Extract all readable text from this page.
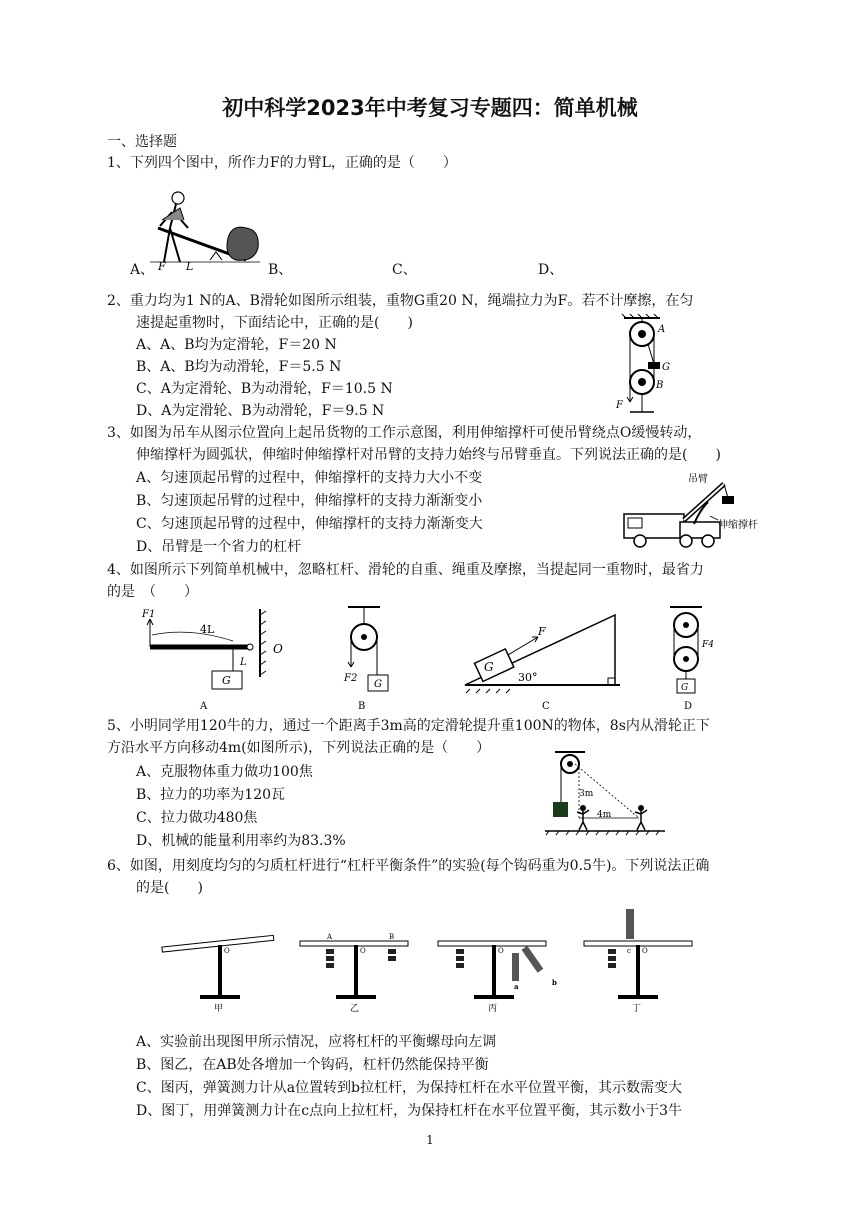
初中科学2023年中考复习专题四：简单机械
一、选择题
1、下列四个图中，所作力F的力臂L，正确的是（　　）
F L
A、	B、	C、	D、
2、重力均为1 N的A、B滑轮如图所示组装，重物G重20 N，绳端拉力为F。若不计摩擦，在匀
速提起重物时，下面结论中，正确的是(　　)
A、A、B均为定滑轮，F＝20 N
B、A、B均为动滑轮，F＝5.5 N
C、A为定滑轮、B为动滑轮，F＝10.5 N
D、A为定滑轮、B为动滑轮，F＝9.5 N
A
G
B
F
3、如图为吊车从图示位置向上起吊货物的工作示意图，利用伸缩撑杆可使吊臂绕点O缓慢转动，
伸缩撑杆为圆弧状，伸缩时伸缩撑杆对吊臂的支持力始终与吊臂垂直。下列说法正确的是(　　)
A、匀速顶起吊臂的过程中，伸缩撑杆的支持力大小不变
B、匀速顶起吊臂的过程中，伸缩撑杆的支持力渐渐变小
C、匀速顶起吊臂的过程中，伸缩撑杆的支持力渐渐变大
D、吊臂是一个省力的杠杆
吊臂
伸缩撑杆
4、如图所示下列简单机械中，忽略杠杆、滑轮的自重、绳重及摩擦，当提起同一重物时，最省力
的是　（　　）
F1
4L
O
L
G
A
F2
G
B
G
F
30°
C
F4
G
D
5、小明同学用120牛的力，通过一个距离手3m高的定滑轮提升重100N的物体，8s内从滑轮正下
方沿水平方向移动4m(如图所示)，下列说法正确的是（　　）
A、克服物体重力做功100焦
B、拉力的功率为120瓦
C、拉力做功480焦
D、机械的能量利用率约为83.3%
3m
4m
6、如图，用刻度均匀的匀质杠杆进行“杠杆平衡条件”的实验(每个钩码重为0.5牛)。下列说法正确
的是(　　)
O
甲
A	B
O
乙
a	b
O
丙
c O
丁
A、实验前出现图甲所示情况，应将杠杆的平衡螺母向左调
B、图乙，在AB处各增加一个钩码，杠杆仍然能保持平衡
C、图丙，弹簧测力计从a位置转到b拉杠杆，为保持杠杆在水平位置平衡，其示数需变大
D、图丁，用弹簧测力计在c点向上拉杠杆，为保持杠杆在水平位置平衡，其示数小于3牛
1
